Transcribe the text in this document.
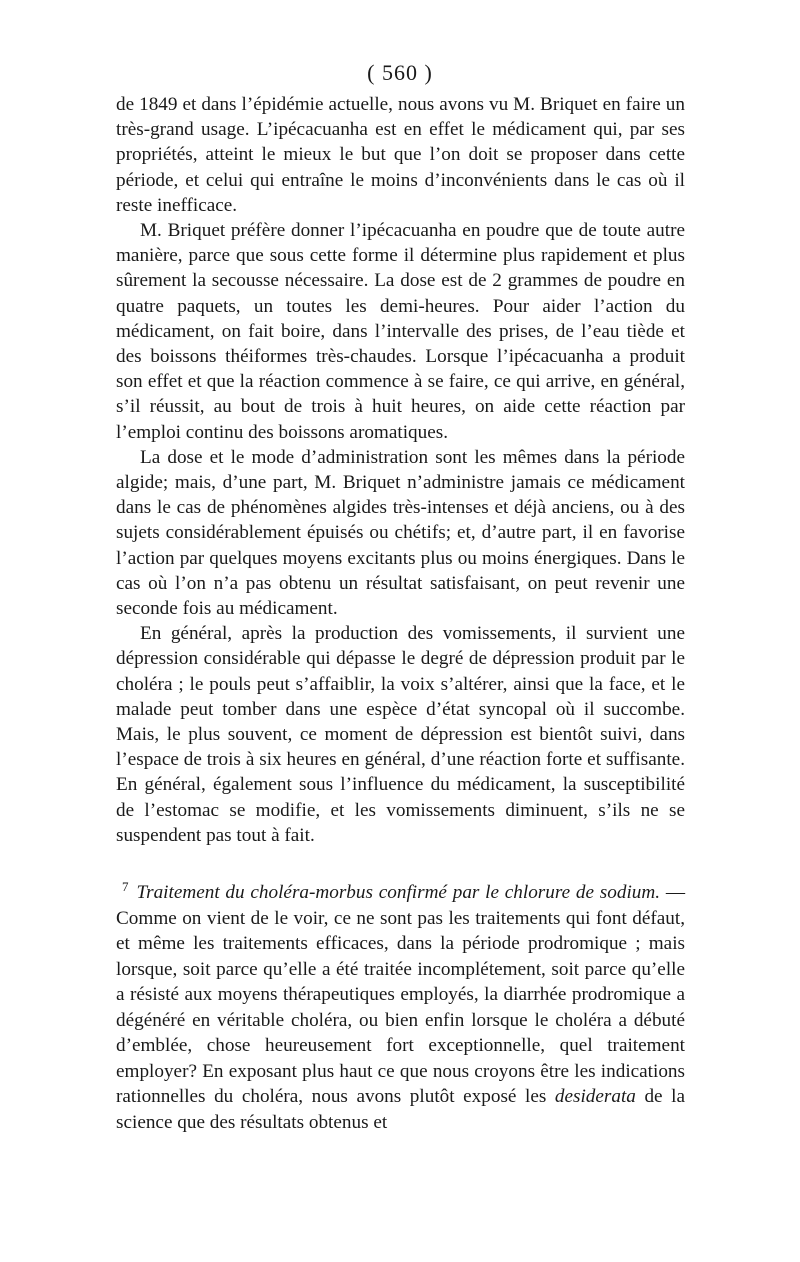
( 560 )

de 1849 et dans l’épidémie actuelle, nous avons vu M. Briquet en faire un très-grand usage. L’ipécacuanha est en effet le médicament qui, par ses propriétés, atteint le mieux le but que l’on doit se proposer dans cette période, et celui qui entraîne le moins d’inconvénients dans le cas où il reste inefficace.

M. Briquet préfère donner l’ipécacuanha en poudre que de toute autre manière, parce que sous cette forme il détermine plus rapidement et plus sûrement la secousse nécessaire. La dose est de 2 grammes de poudre en quatre paquets, un toutes les demi-heures. Pour aider l’action du médicament, on fait boire, dans l’intervalle des prises, de l’eau tiède et des boissons théiformes très-chaudes. Lorsque l’ipécacuanha a produit son effet et que la réaction commence à se faire, ce qui arrive, en général, s’il réussit, au bout de trois à huit heures, on aide cette réaction par l’emploi continu des boissons aromatiques.

La dose et le mode d’administration sont les mêmes dans la période algide; mais, d’une part, M. Briquet n’administre jamais ce médicament dans le cas de phénomènes algides très-intenses et déjà anciens, ou à des sujets considérablement épuisés ou chétifs; et, d’autre part, il en favorise l’action par quelques moyens excitants plus ou moins énergiques. Dans le cas où l’on n’a pas obtenu un résultat satisfaisant, on peut revenir une seconde fois au médicament.

En général, après la production des vomissements, il survient une dépression considérable qui dépasse le degré de dépression produit par le choléra ; le pouls peut s’affaiblir, la voix s’altérer, ainsi que la face, et le malade peut tomber dans une espèce d’état syncopal où il succombe. Mais, le plus souvent, ce moment de dépression est bientôt suivi, dans l’espace de trois à six heures en général, d’une réaction forte et suffisante. En général, également sous l’influence du médicament, la susceptibilité de l’estomac se modifie, et les vomissements diminuent, s’ils ne se suspendent pas tout à fait.

$^7$ Traitement du choléra-morbus confirmé par le chlorure de sodium. — Comme on vient de le voir, ce ne sont pas les traitements qui font défaut, et même les traitements efficaces, dans la période prodromique ; mais lorsque, soit parce qu’elle a été traitée incomplétement, soit parce qu’elle a résisté aux moyens thérapeutiques employés, la diarrhée prodromique a dégénéré en véritable choléra, ou bien enfin lorsque le choléra a débuté d’emblée, chose heureusement fort exceptionnelle, quel traitement employer? En exposant plus haut ce que nous croyons être les indications rationnelles du choléra, nous avons plutôt exposé les desiderata de la science que des résultats obtenus et
